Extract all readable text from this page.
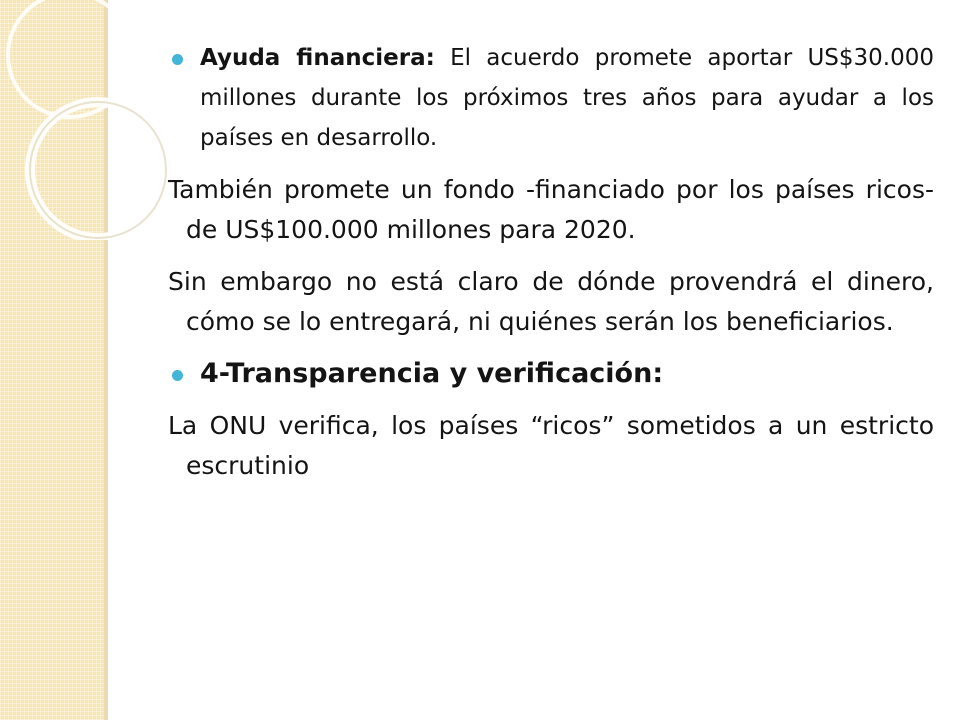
Ayuda financiera: El acuerdo promete aportar US$30.000 millones durante los próximos tres años para ayudar a los países en desarrollo.

También promete un fondo -financiado por los países ricos- de US$100.000 millones para 2020.

Sin embargo no está claro de dónde provendrá el dinero, cómo se lo entregará, ni quiénes serán los beneficiarios.

4-Transparencia y verificación:

La ONU verifica, los países “ricos” sometidos a un estricto escrutinio
